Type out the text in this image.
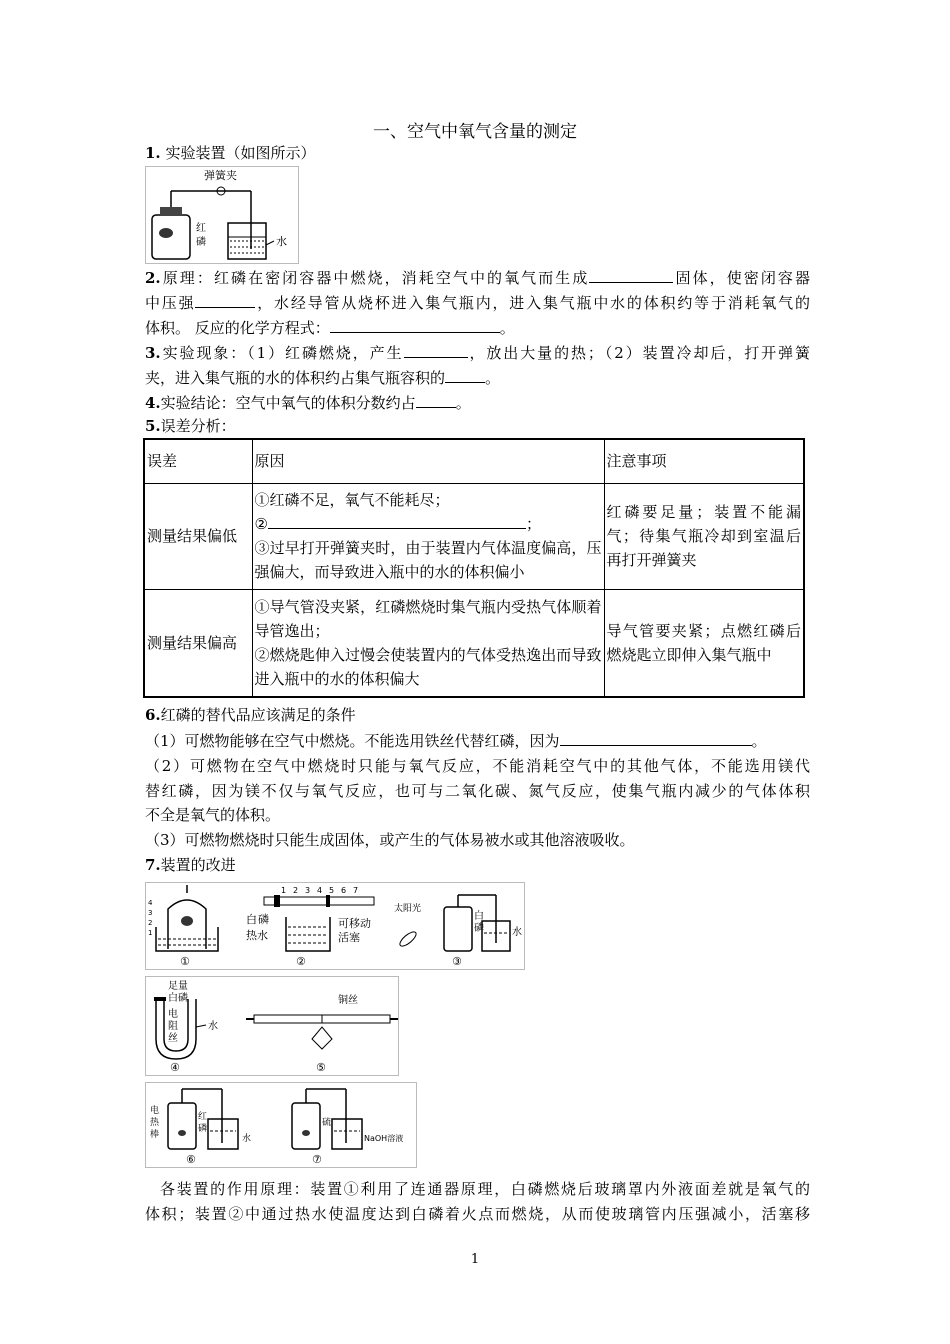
一、空气中氧气含量的测定
1. 实验装置（如图所示）
弹簧夹
红
磷	水
2.原理：红磷在密闭容器中燃烧，消耗空气中的氧气而生成	固体，使密闭容器
中压强	，水经导管从烧杯进入集气瓶内，进入集气瓶中水的体积约等于消耗氧气的
体积。 反应的化学方程式：	。
3.实验现象：（1）红磷燃烧，产生	，放出大量的热；（2）装置冷却后，打开弹簧
夹，进入集气瓶的水的体积约占集气瓶容积的	。
4.实验结论：空气中氧气的体积分数约占	。
5.误差分析：
误差	原因	注意事项
测量结果偏低	①红磷不足，氧气不能耗尽；
② ；
③过早打开弹簧夹时，由于装置内气体温度偏高，压强偏大，而导致进入瓶中的水的体积偏小	红磷要足量；装置不能漏气；待集气瓶冷却到室温后再打开弹簧夹
测量结果偏高	①导气管没夹紧，红磷燃烧时集气瓶内受热气体顺着导管逸出；
②燃烧匙伸入过慢会使装置内的气体受热逸出而导致进入瓶中的水的体积偏大	导气管要夹紧；点燃红磷后燃烧匙立即伸入集气瓶中
6.红磷的替代品应该满足的条件
（1）可燃物能够在空气中燃烧。不能选用铁丝代替红磷，因为	。
（2）可燃物在空气中燃烧时只能与氧气反应，不能消耗空气中的其他气体，不能选用镁代
替红磷，因为镁不仅与氧气反应，也可与二氧化碳、氮气反应，使集气瓶内减少的气体体积
不全是氧气的体积。
（3）可燃物燃烧时只能生成固体，或产生的气体易被水或其他溶液吸收。
7.装置的改进
4
3
2
1
①
1 2 3 4 5 6 7
白 磷
热水
可移动
活塞
②
太阳光
白
磷	水
③
足量
白磷
电
阻
丝
水
④
铜丝
⑤
电
热
棒
红
磷
水
⑥
硫
NaOH溶液
⑦
各装置的作用原理：装置①利用了连通器原理，白磷燃烧后玻璃罩内外液面差就是氧气的
体积；装置②中通过热水使温度达到白磷着火点而燃烧，从而使玻璃管内压强减小，活塞移
1
